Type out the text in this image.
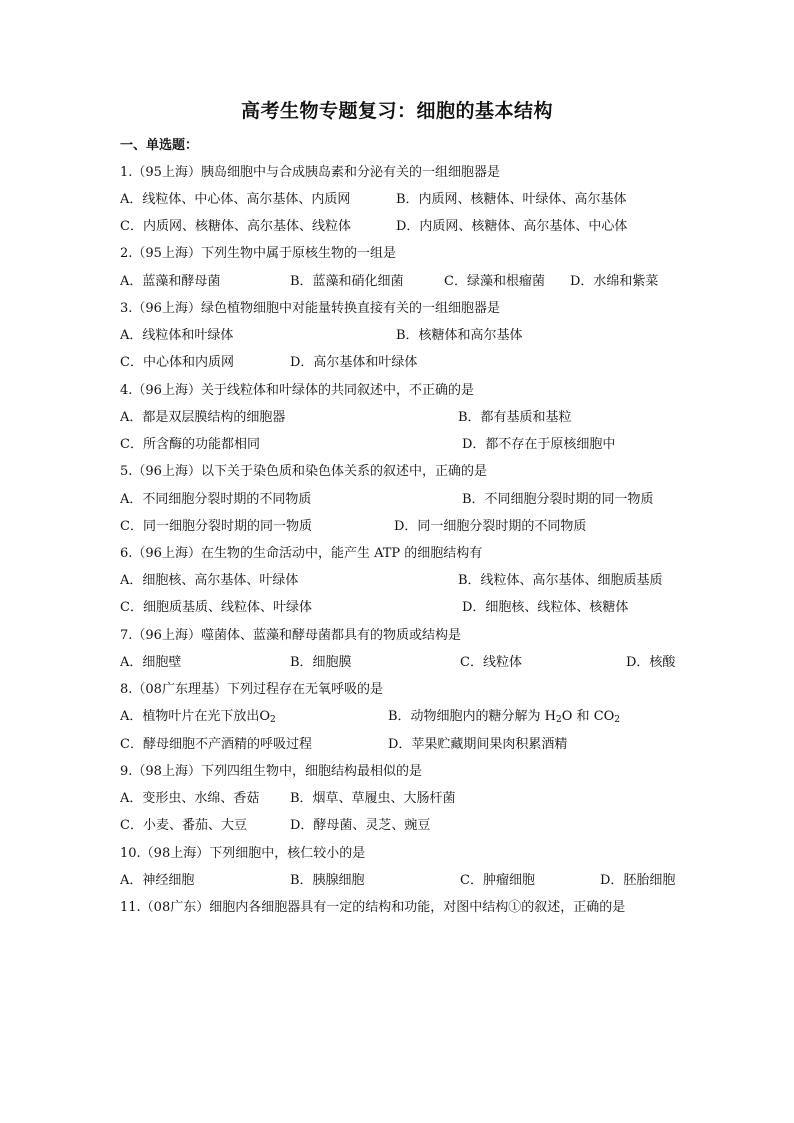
高考生物专题复习：细胞的基本结构
一、单选题：
1.（95上海）胰岛细胞中与合成胰岛素和分泌有关的一组细胞器是
A．线粒体、中心体、高尔基体、内质网	B．内质网、核糖体、叶绿体、高尔基体
C．内质网、核糖体、高尔基体、线粒体	D．内质网、核糖体、高尔基体、中心体
2.（95上海）下列生物中属于原核生物的一组是
A．蓝藻和酵母菌	B．蓝藻和硝化细菌	C．绿藻和根瘤菌 D．水绵和紫菜
3.（96上海）绿色植物细胞中对能量转换直接有关的一组细胞器是
A．线粒体和叶绿体	B．核糖体和高尔基体
C．中心体和内质网	D．高尔基体和叶绿体
4.（96上海）关于线粒体和叶绿体的共同叙述中，不正确的是
A．都是双层膜结构的细胞器	B．都有基质和基粒
C．所含酶的功能都相同	D．都不存在于原核细胞中
5.（96上海）以下关于染色质和染色体关系的叙述中，正确的是
A．不同细胞分裂时期的不同物质	B．不同细胞分裂时期的同一物质
C．同一细胞分裂时期的同一物质	D．同一细胞分裂时期的不同物质
6.（96上海）在生物的生命活动中，能产生 ATP 的细胞结构有
A．细胞核、高尔基体、叶绿体	B．线粒体、高尔基体、细胞质基质
C．细胞质基质、线粒体、叶绿体	D．细胞核、线粒体、核糖体
7.（96上海）噬菌体、蓝藻和酵母菌都具有的物质或结构是
A．细胞壁	B．细胞膜	C．线粒体	D．核酸
8.（08广东理基）下列过程存在无氧呼吸的是
A．植物叶片在光下放出$O_2$	B．动物细胞内的糖分解为 $H_2O$ 和 $CO_2$
C．酵母细胞不产酒精的呼吸过程	D．苹果贮藏期间果肉积累酒精
9.（98上海）下列四组生物中，细胞结构最相似的是
A．变形虫、水绵、香菇 B．烟草、草履虫、大肠杆菌
C．小麦、番茄、大豆	D．酵母菌、灵芝、豌豆
10.（98上海）下列细胞中，核仁较小的是
A．神经细胞	B．胰腺细胞	C．肿瘤细胞	D．胚胎细胞
11.（08广东）细胞内各细胞器具有一定的结构和功能，对图中结构①的叙述，正确的是
